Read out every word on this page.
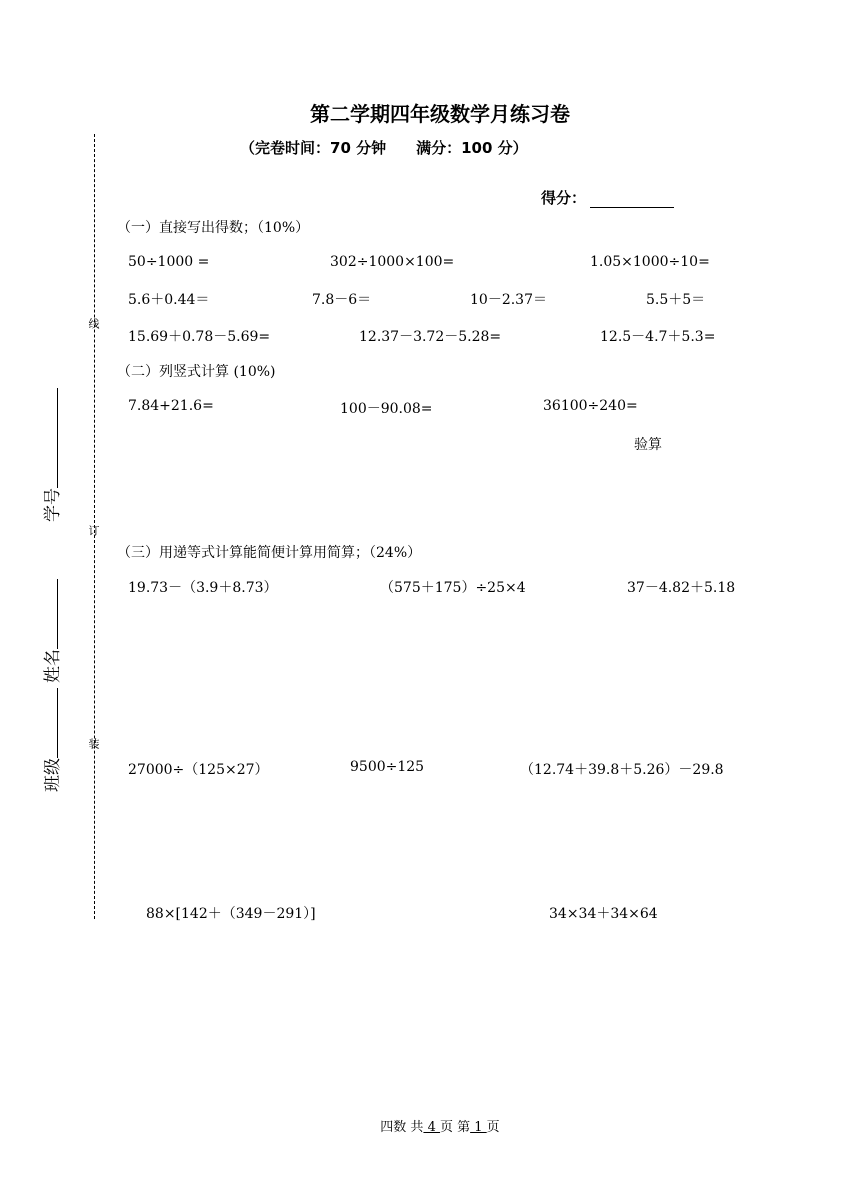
第二学期四年级数学月练习卷
（完卷时间：70 分钟　　满分：100 分）
得分：
线
订
装
学号
姓名
班级
（一）直接写出得数；（10%）
50÷1000 =	302÷1000×100=	1.05×1000÷10=
5.6＋0.44＝	7.8－6＝	10－2.37＝	5.5＋5＝
15.69＋0.78－5.69=	12.37－3.72－5.28=	12.5－4.7＋5.3=
（二）列竖式计算 (10%)
7.84+21.6=	100－90.08=	36100÷240=
验算
（三）用递等式计算能简便计算用简算；（24%）
19.73－（3.9＋8.73）	（575＋175）÷25×4	37－4.82＋5.18
27000÷（125×27）	9500÷125	（12.74＋39.8＋5.26）－29.8
88×[142＋（349－291）]	34×34＋34×64
四数 共 4 页 第 1 页
